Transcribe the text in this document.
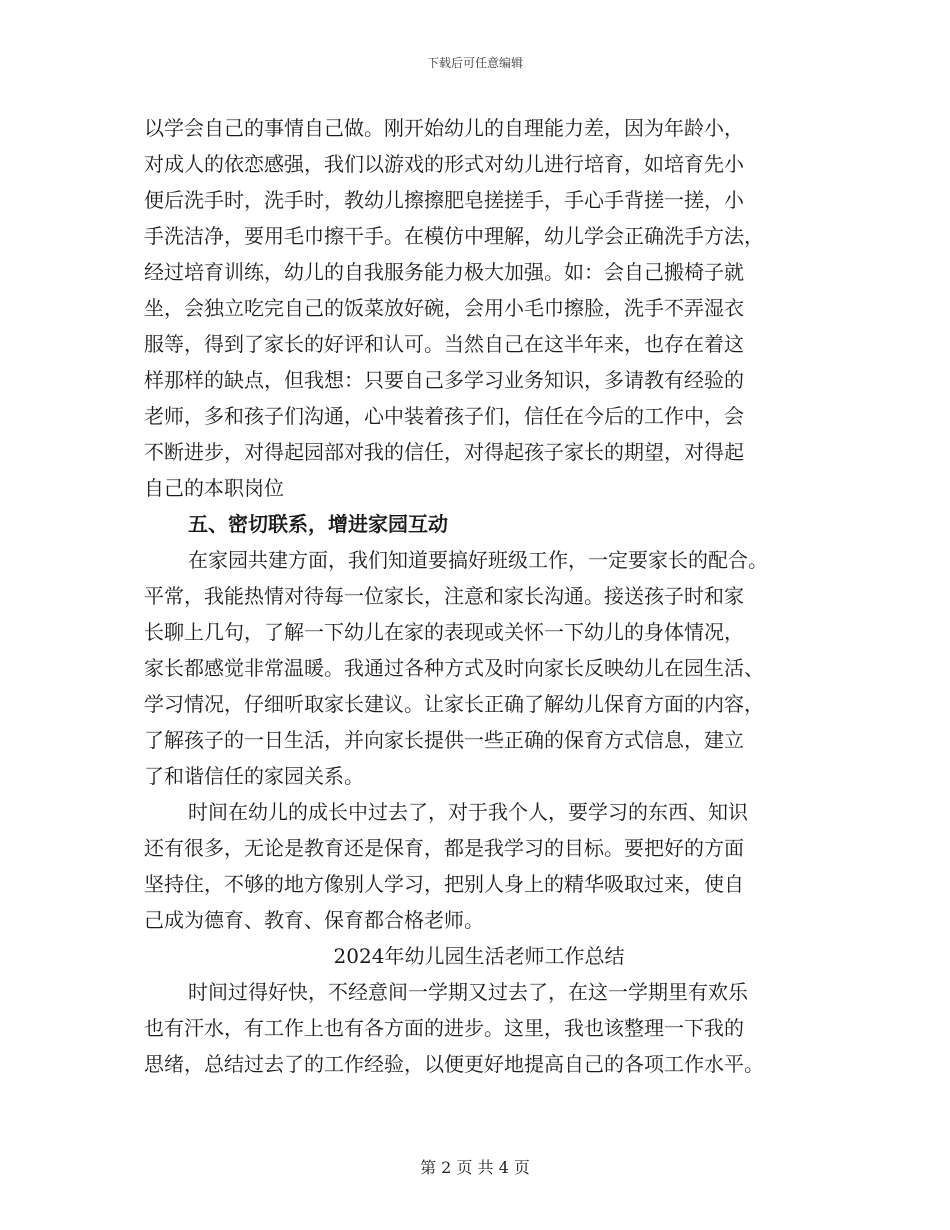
下载后可任意编辑
以学会自己的事情自己做。刚开始幼儿的自理能力差，因为年龄小，
对成人的依恋感强，我们以游戏的形式对幼儿进行培育，如培育先小
便后洗手时，洗手时，教幼儿擦擦肥皂搓搓手，手心手背搓一搓，小
手洗洁净，要用毛巾擦干手。在模仿中理解，幼儿学会正确洗手方法，
经过培育训练，幼儿的自我服务能力极大加强。如：会自己搬椅子就
坐，会独立吃完自己的饭菜放好碗，会用小毛巾擦脸，洗手不弄湿衣
服等，得到了家长的好评和认可。当然自己在这半年来，也存在着这
样那样的缺点，但我想：只要自己多学习业务知识，多请教有经验的
老师，多和孩子们沟通，心中装着孩子们，信任在今后的工作中，会
不断进步，对得起园部对我的信任，对得起孩子家长的期望，对得起
自己的本职岗位
五、密切联系，增进家园互动
在家园共建方面，我们知道要搞好班级工作，一定要家长的配合。
平常，我能热情对待每一位家长，注意和家长沟通。接送孩子时和家
长聊上几句，了解一下幼儿在家的表现或关怀一下幼儿的身体情况，
家长都感觉非常温暖。我通过各种方式及时向家长反映幼儿在园生活、
学习情况，仔细听取家长建议。让家长正确了解幼儿保育方面的内容，
了解孩子的一日生活，并向家长提供一些正确的保育方式信息，建立
了和谐信任的家园关系。
时间在幼儿的成长中过去了，对于我个人，要学习的东西、知识
还有很多，无论是教育还是保育，都是我学习的目标。要把好的方面
坚持住，不够的地方像别人学习，把别人身上的精华吸取过来，使自
己成为德育、教育、保育都合格老师。
2024年幼儿园生活老师工作总结
时间过得好快，不经意间一学期又过去了，在这一学期里有欢乐
也有汗水，有工作上也有各方面的进步。这里，我也该整理一下我的
思绪，总结过去了的工作经验，以便更好地提高自己的各项工作水平。
第 2 页 共 4 页
